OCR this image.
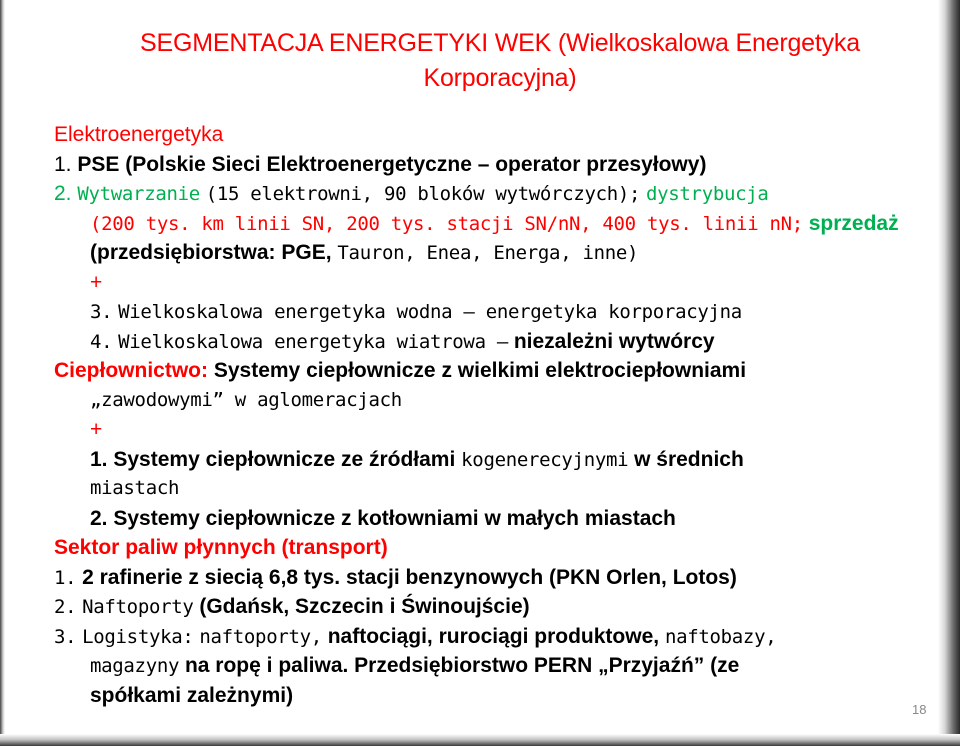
SEGMENTACJA ENERGETYKI WEK (Wielkoskalowa Energetyka
Korporacyjna)
Elektroenergetyka
1. PSE (Polskie Sieci Elektroenergetyczne – operator przesyłowy)
2. Wytwarzanie (15 elektrowni, 90 bloków wytwórczych); dystrybucja
(200 tys. km linii SN, 200 tys. stacji SN/nN, 400 tys. linii nN; sprzedaż
(przedsiębiorstwa: PGE, Tauron, Enea, Energa, inne)
+
3. Wielkoskalowa energetyka wodna – energetyka korporacyjna
4. Wielkoskalowa energetyka wiatrowa – niezależni wytwórcy
Ciepłownictwo: Systemy ciepłownicze z wielkimi elektrociepłowniami
„zawodowymi” w aglomeracjach
+
1. Systemy ciepłownicze ze źródłami kogenerecyjnymi w średnich
miastach
2. Systemy ciepłownicze z kotłowniami w małych miastach
Sektor paliw płynnych (transport)
1. 2 rafinerie z siecią 6,8 tys. stacji benzynowych (PKN Orlen, Lotos)
2. Naftoporty (Gdańsk, Szczecin i Świnoujście)
3. Logistyka: naftoporty, naftociągi, rurociągi produktowe, naftobazy,
magazyny na ropę i paliwa. Przedsiębiorstwo PERN „Przyjaźń” (ze
spółkami zależnymi)
18
